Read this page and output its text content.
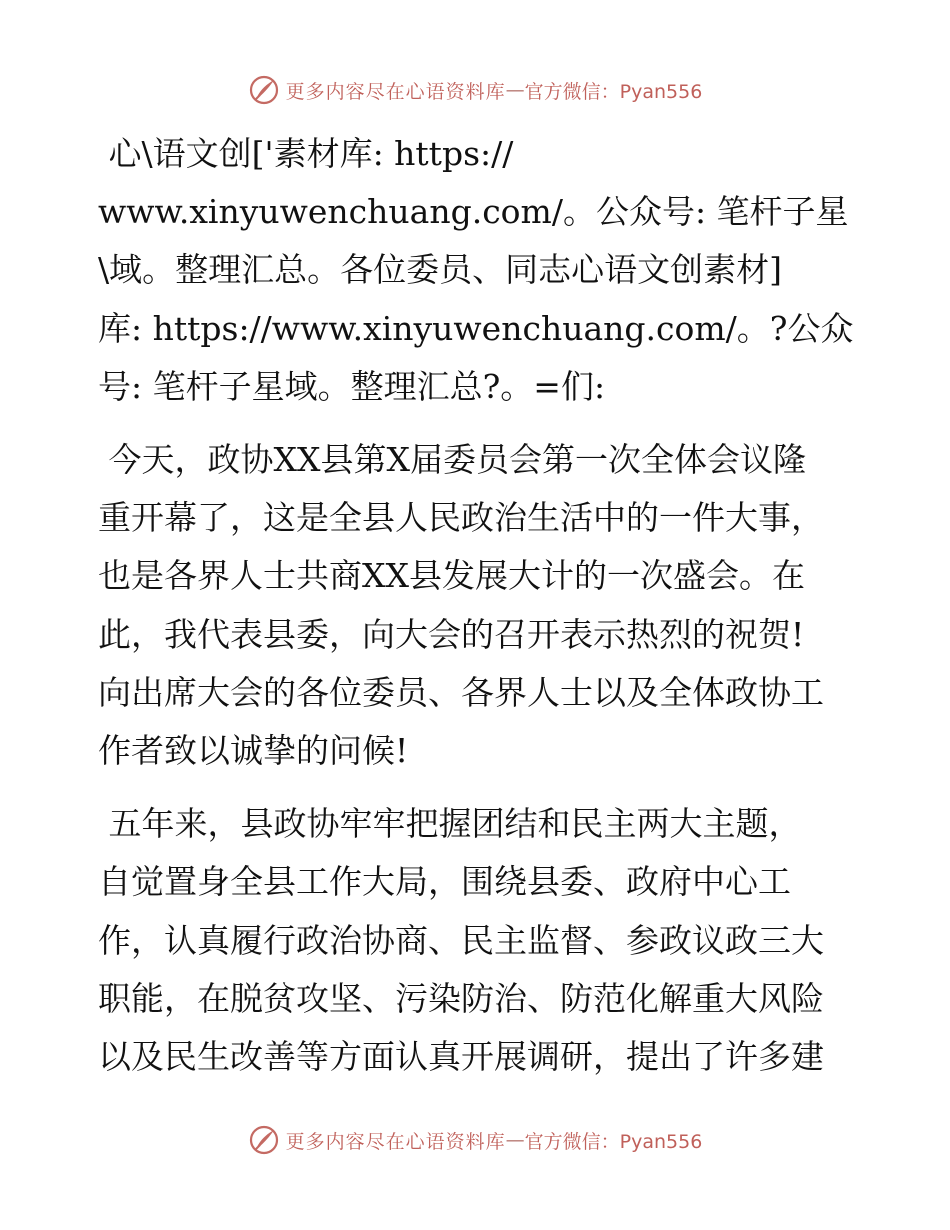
更多内容尽在心语资料库 — 官方微信：Pyan556

心\语文创['素材库: https://
www.xinyuwenchuang.com/。公众号: 笔杆子星
\域。整理汇总。各位委员、同志心语文创素材]
库: https://www.xinyuwenchuang.com/。?公众
号: 笔杆子星域。整理汇总?。=们:

今天，政协XX县第X届委员会第一次全体会议隆
重开幕了，这是全县人民政治生活中的一件大事，
也是各界人士共商XX县发展大计的一次盛会。在
此，我代表县委，向大会的召开表示热烈的祝贺!
向出席大会的各位委员、各界人士以及全体政协工
作者致以诚挚的问候!

五年来，县政协牢牢把握团结和民主两大主题，
自觉置身全县工作大局，围绕县委、政府中心工
作，认真履行政治协商、民主监督、参政议政三大
职能，在脱贫攻坚、污染防治、防范化解重大风险
以及民生改善等方面认真开展调研，提出了许多建

更多内容尽在心语资料库 — 官方微信：Pyan556
